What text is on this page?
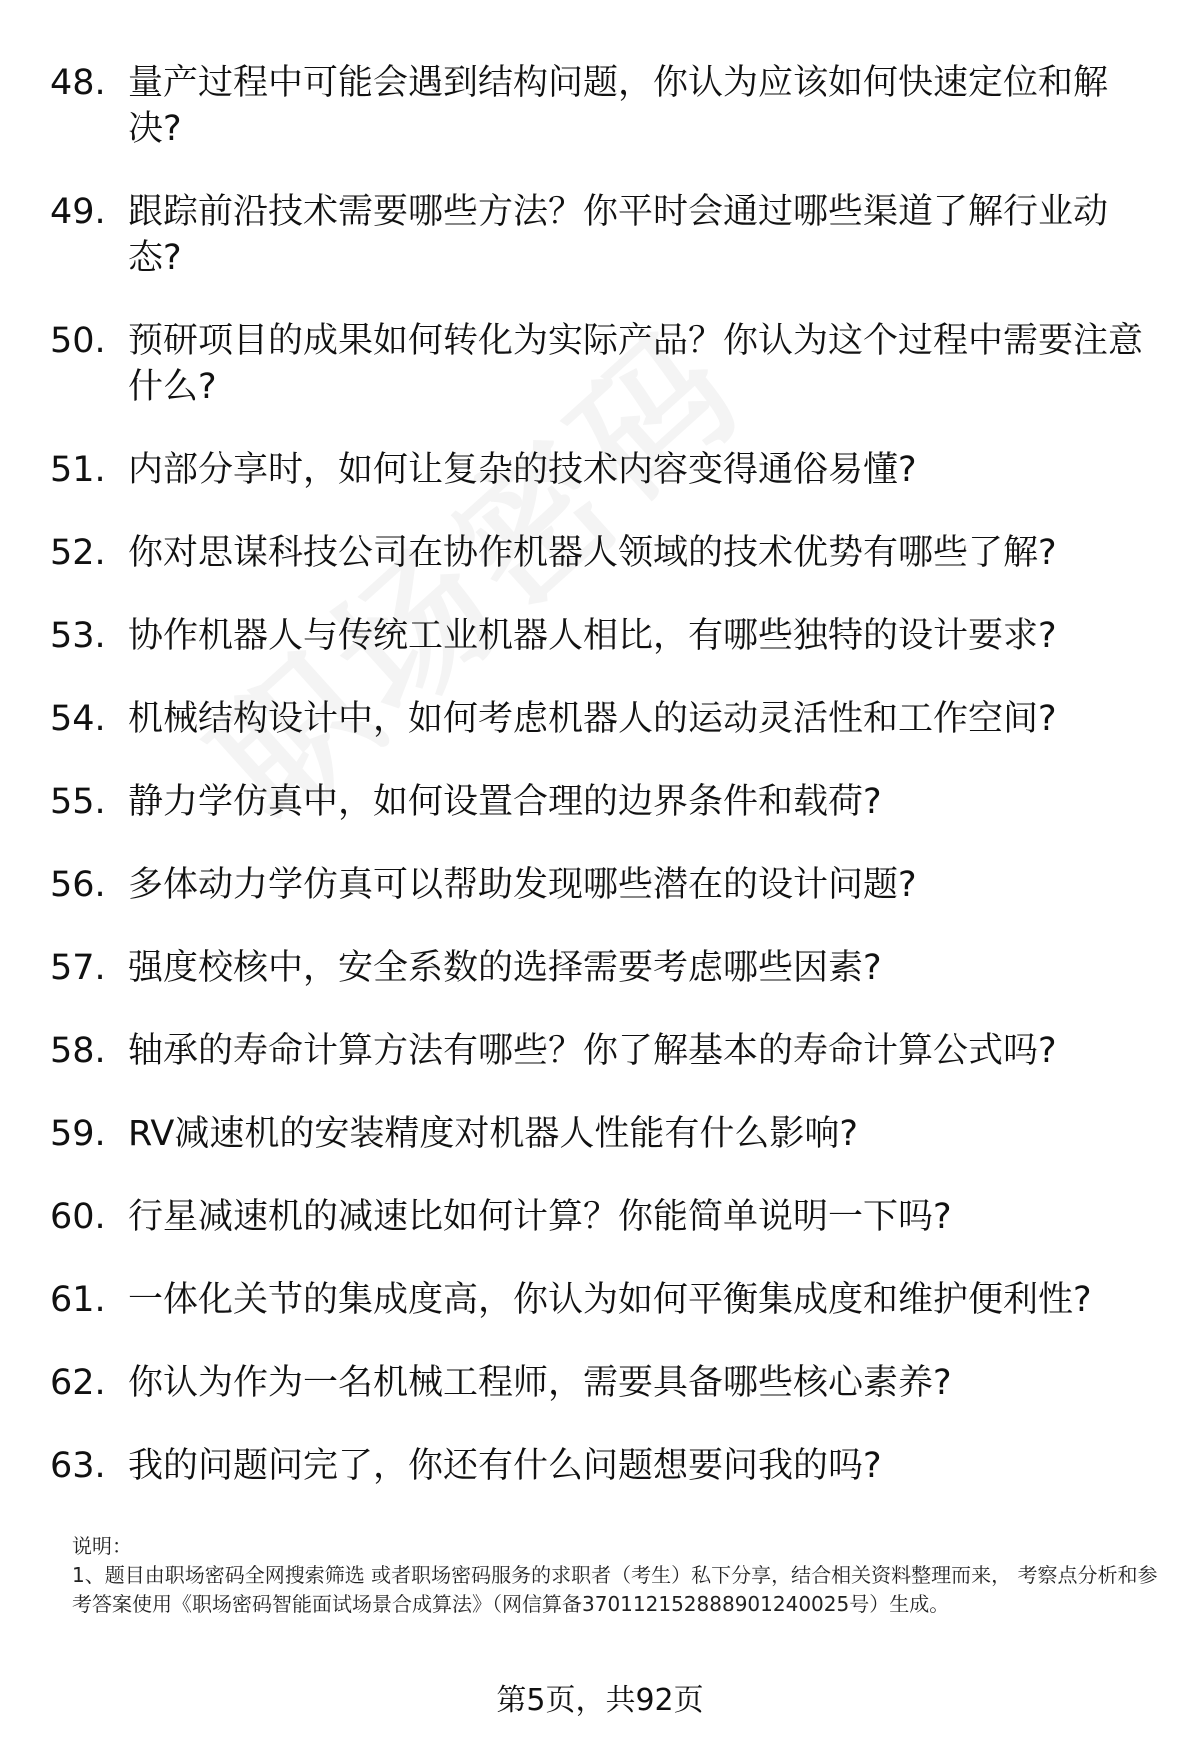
48. 量产过程中可能会遇到结构问题，你认为应该如何快速定位和解决?
49. 跟踪前沿技术需要哪些方法？你平时会通过哪些渠道了解行业动态?
50. 预研项目的成果如何转化为实际产品？你认为这个过程中需要注意什么?
51. 内部分享时，如何让复杂的技术内容变得通俗易懂?
52. 你对思谋科技公司在协作机器人领域的技术优势有哪些了解?
53. 协作机器人与传统工业机器人相比，有哪些独特的设计要求?
54. 机械结构设计中，如何考虑机器人的运动灵活性和工作空间?
55. 静力学仿真中，如何设置合理的边界条件和载荷?
56. 多体动力学仿真可以帮助发现哪些潜在的设计问题?
57. 强度校核中，安全系数的选择需要考虑哪些因素?
58. 轴承的寿命计算方法有哪些？你了解基本的寿命计算公式吗?
59. RV减速机的安装精度对机器人性能有什么影响?
60. 行星减速机的减速比如何计算？你能简单说明一下吗?
61. 一体化关节的集成度高，你认为如何平衡集成度和维护便利性?
62. 你认为作为一名机械工程师，需要具备哪些核心素养?
63. 我的问题问完了，你还有什么问题想要问我的吗?
说明：
1、题目由职场密码全网搜索筛选 或者职场密码服务的求职者（考生）私下分享，结合相关资料整理而来， 考察点分析和参考答案使用《职场密码智能面试场景合成算法》（网信算备370112152888901240025号）生成。
第5页，共92页
